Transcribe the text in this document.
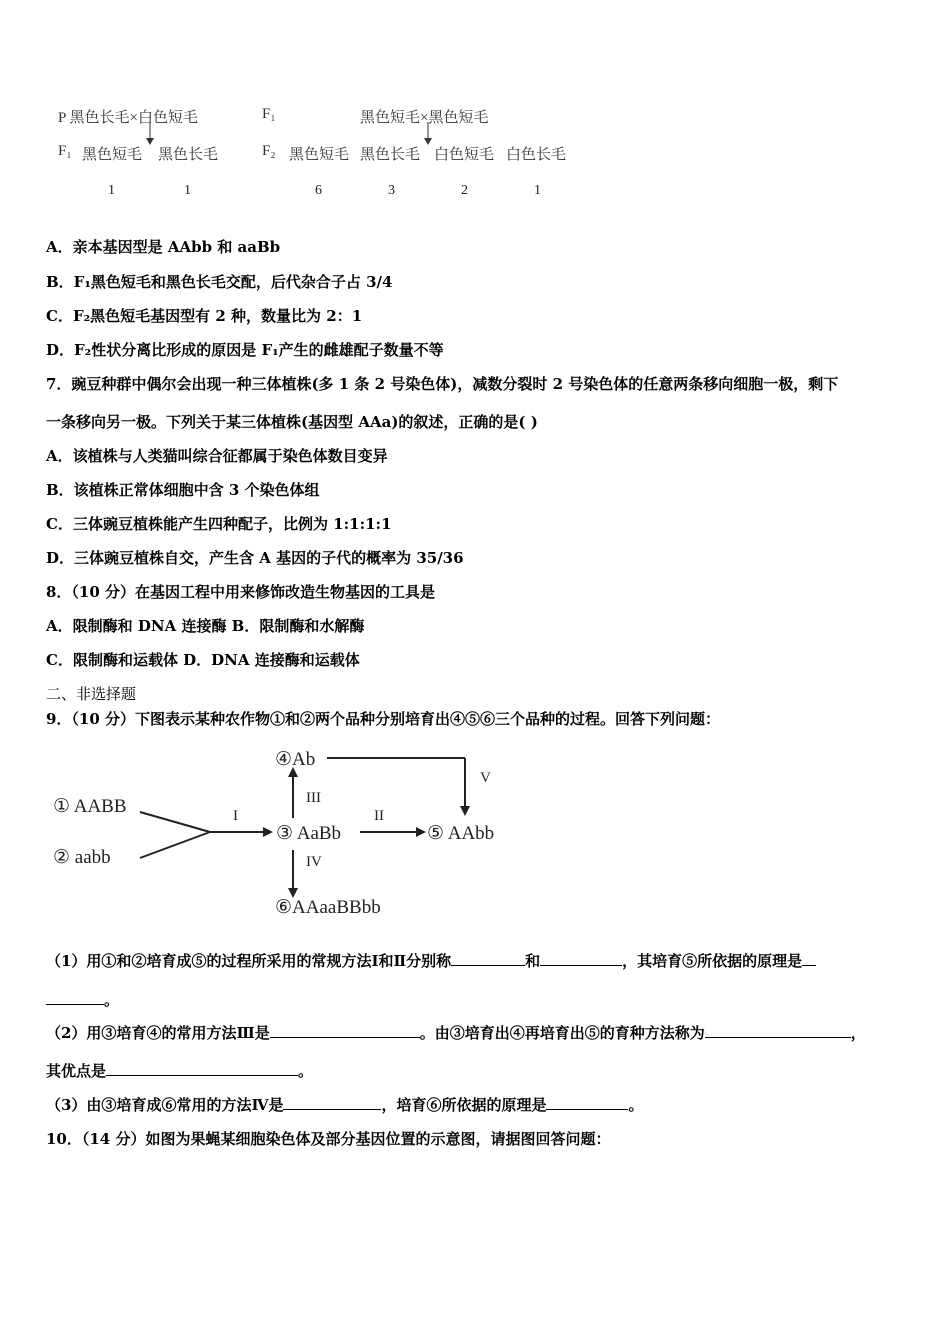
P 黑色长毛×白色短毛	F₁	黑色短毛×黑色短毛
F₁ 黑色短毛 黑色长毛	F₂ 黑色短毛 黑色长毛 白色短毛 白色长毛
1	1	6	3	2	1
A．亲本基因型是 AAbb 和 aaBb
B．F₁黑色短毛和黑色长毛交配，后代杂合子占 3/4
C．F₂黑色短毛基因型有 2 种，数量比为 2：1
D．F₂性状分离比形成的原因是 F₁产生的雌雄配子数量不等
7．豌豆种群中偶尔会出现一种三体植株(多 1 条 2 号染色体)，减数分裂时 2 号染色体的任意两条移向细胞一极，剩下
一条移向另一极。下列关于某三体植株(基因型 AAa)的叙述，正确的是( )
A．该植株与人类猫叫综合征都属于染色体数目变异
B．该植株正常体细胞中含 3 个染色体组
C．三体豌豆植株能产生四种配子，比例为 1:1:1:1
D．三体豌豆植株自交，产生含 A 基因的子代的概率为 35/36
8．（10 分）在基因工程中用来修饰改造生物基因的工具是
A．限制酶和 DNA 连接酶 B．限制酶和水解酶
C．限制酶和运载体 D．DNA 连接酶和运载体
二、非选择题
9．（10 分）下图表示某种农作物①和②两个品种分别培育出④⑤⑥三个品种的过程。回答下列问题：
④Ab
① AABB
② aabb
③ AaBb	⑤ AAbb
⑥AAaaBBbb
I	II
III
IV
V
（1）用①和②培育成⑤的过程所采用的常规方法Ⅰ和Ⅱ分别称	和	，其培育⑤所依据的原理是
。
（2）用③培育④的常用方法Ⅲ是	。由③培育出④再培育出⑤的育种方法称为	，
其优点是	。
（3）由③培育成⑥常用的方法Ⅳ是	，培育⑥所依据的原理是	。
10．（14 分）如图为果蝇某细胞染色体及部分基因位置的示意图，请据图回答问题：
